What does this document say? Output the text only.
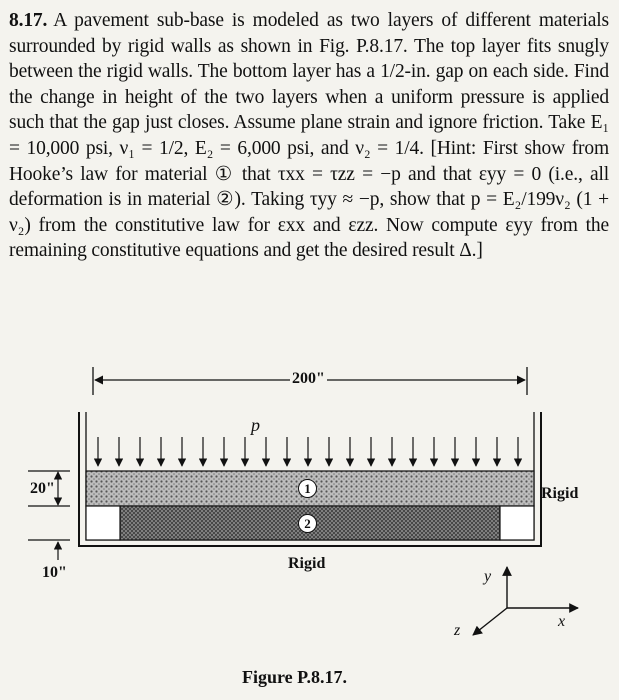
8.17. A pavement sub-base is modeled as two layers of different materials surrounded by rigid walls as shown in Fig. P.8.17. The top layer fits snugly between the rigid walls. The bottom layer has a 1/2-in. gap on each side. Find the change in height of the two layers when a uniform pressure is applied such that the gap just closes. Assume plane strain and ignore friction. Take E₁ = 10,000 psi, ν₁ = 1/2, E₂ = 6,000 psi, and ν₂ = 1/4. [Hint: First show from Hooke’s law for material ① that τxx = τzz = −p and that εyy = 0 (i.e., all deformation is in material ②). Taking τyy ≈ −p, show that p = E₂/199ν₂ (1 + ν₂) from the constitutive law for εxx and εzz. Now compute εyy from the remaining constitutive equations and get the desired result Δ.]
200"
p
1
2
20"
10"
Rigid
Rigid
y
x
z
Figure P.8.17.
